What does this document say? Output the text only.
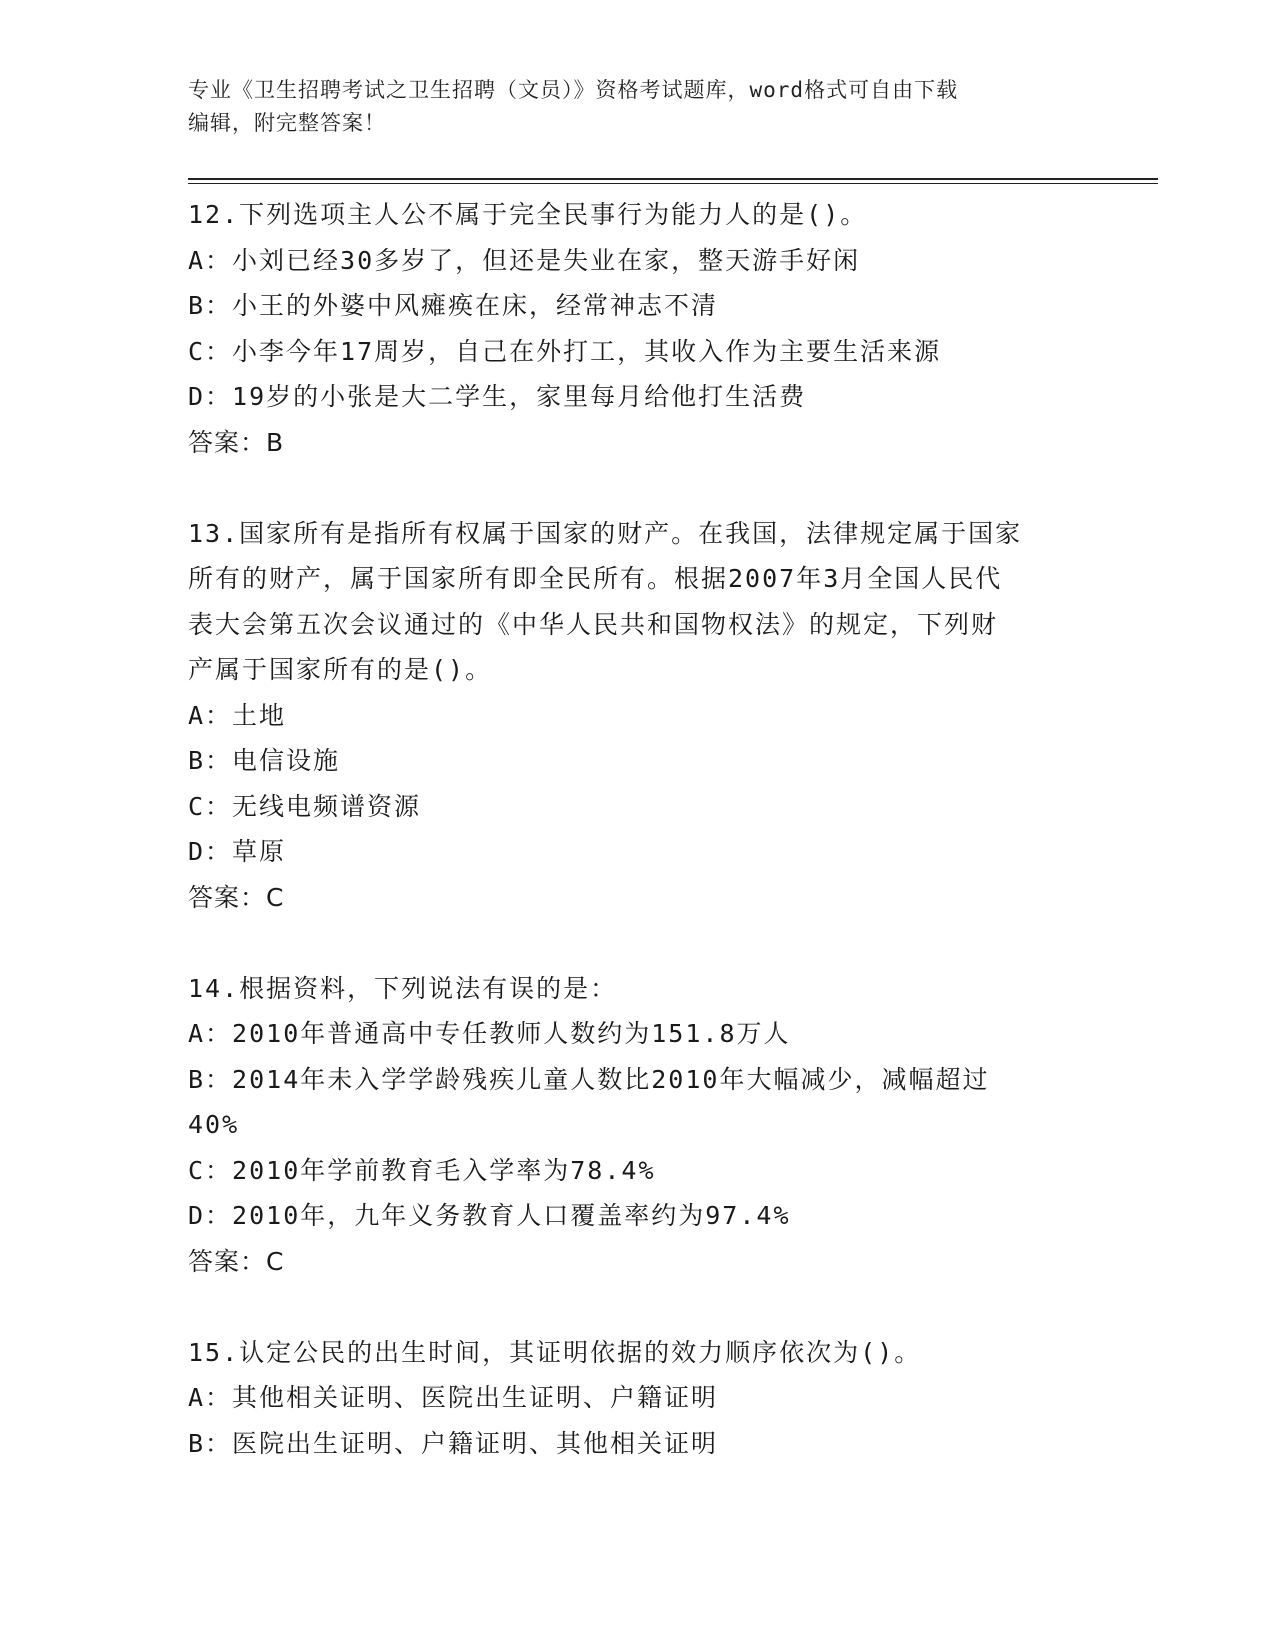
专业《卫生招聘考试之卫生招聘（文员）》资格考试题库，word格式可自由下载
编辑，附完整答案！
12.下列选项主人公不属于完全民事行为能力人的是()。
A：小刘已经30多岁了，但还是失业在家，整天游手好闲
B：小王的外婆中风瘫痪在床，经常神志不清
C：小李今年17周岁，自己在外打工，其收入作为主要生活来源
D：19岁的小张是大二学生，家里每月给他打生活费
答案：B
13.国家所有是指所有权属于国家的财产。在我国，法律规定属于国家
所有的财产，属于国家所有即全民所有。根据2007年3月全国人民代
表大会第五次会议通过的《中华人民共和国物权法》的规定，下列财
产属于国家所有的是()。
A：土地
B：电信设施
C：无线电频谱资源
D：草原
答案：C
14.根据资料，下列说法有误的是：
A：2010年普通高中专任教师人数约为151.8万人
B：2014年未入学学龄残疾儿童人数比2010年大幅减少，减幅超过
40%
C：2010年学前教育毛入学率为78.4%
D：2010年，九年义务教育人口覆盖率约为97.4%
答案：C
15.认定公民的出生时间，其证明依据的效力顺序依次为()。
A：其他相关证明、医院出生证明、户籍证明
B：医院出生证明、户籍证明、其他相关证明
